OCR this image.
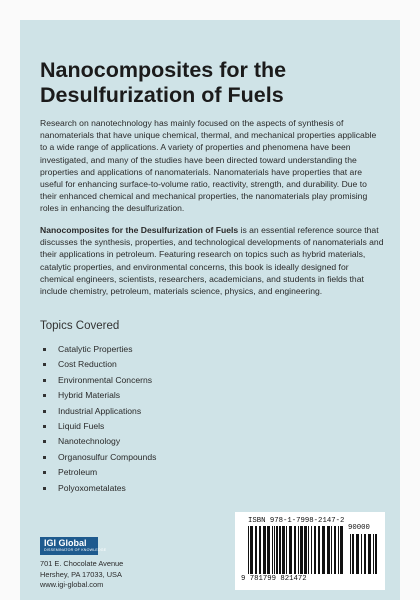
Nanocomposites for the
Desulfurization of Fuels

Research on nanotechnology has mainly focused on the aspects of synthesis of nanomaterials that have unique chemical, thermal, and mechanical properties applicable to a wide range of applications. A variety of properties and phenomena have been investigated, and many of the studies have been directed toward understanding the properties and applications of nanomaterials. Nanomaterials have properties that are useful for enhancing surface-to-volume ratio, reactivity, strength, and durability. Due to their enhanced chemical and mechanical properties, the nanomaterials play promising roles in enhancing the desulfurization.

Nanocomposites for the Desulfurization of Fuels is an essential reference source that discusses the synthesis, properties, and technological developments of nanomaterials and their applications in petroleum. Featuring research on topics such as hybrid materials, catalytic properties, and environmental concerns, this book is ideally designed for chemical engineers, scientists, researchers, academicians, and students in fields that include chemistry, petroleum, materials science, physics, and engineering.

Topics Covered
Catalytic Properties
Cost Reduction
Environmental Concerns
Hybrid Materials
Industrial Applications
Liquid Fuels
Nanotechnology
Organosulfur Compounds
Petroleum
Polyoxometalates
IGI Global
DISSEMINATOR OF KNOWLEDGE
701 E. Chocolate Avenue
Hershey, PA 17033, USA
www.igi-global.com
ISBN 978-1-7998-2147-2
90000
9 781799 821472
